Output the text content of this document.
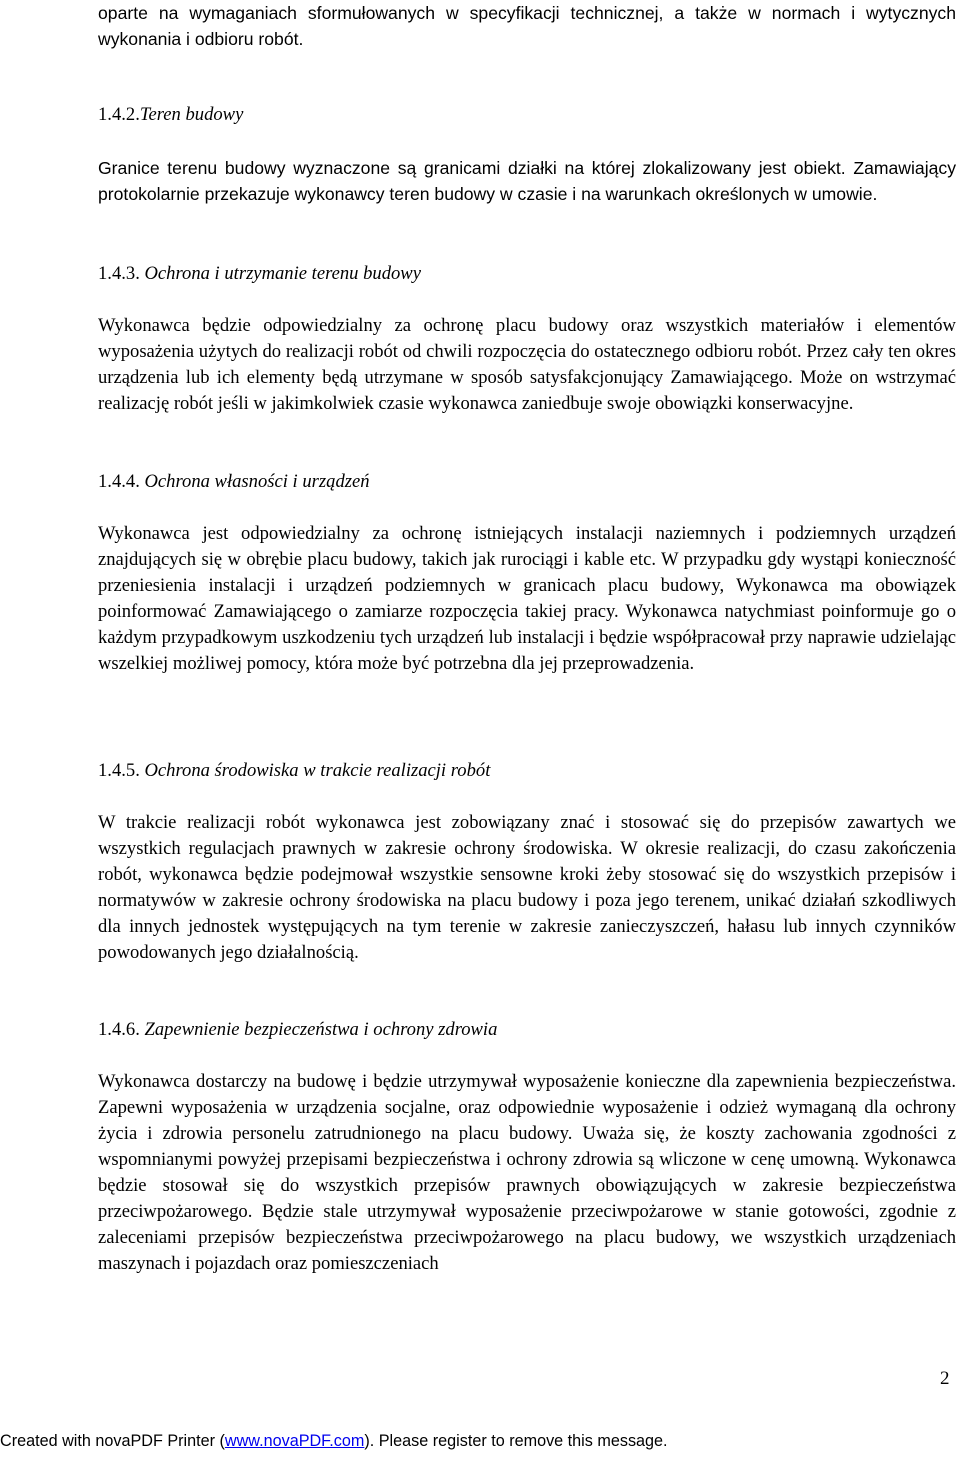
oparte na wymaganiach sformułowanych w specyfikacji technicznej, a także w normach i wytycznych wykonania i odbioru robót.

1.4.2.Teren budowy

Granice terenu budowy wyznaczone są granicami działki na której zlokalizowany jest obiekt. Zamawiający protokolarnie przekazuje wykonawcy teren budowy w czasie i na warunkach określonych w umowie.

1.4.3. Ochrona i utrzymanie terenu budowy

Wykonawca będzie odpowiedzialny za ochronę placu budowy oraz wszystkich materiałów i elementów wyposażenia użytych do realizacji robót od chwili rozpoczęcia do ostatecznego odbioru robót. Przez cały ten okres urządzenia lub ich elementy będą utrzymane w sposób satysfakcjonujący Zamawiającego. Może on wstrzymać realizację robót jeśli w jakimkolwiek czasie wykonawca zaniedbuje swoje obowiązki konserwacyjne.

1.4.4. Ochrona własności i urządzeń

Wykonawca jest odpowiedzialny za ochronę istniejących instalacji naziemnych i podziemnych urządzeń znajdujących się w obrębie placu budowy, takich jak rurociągi i kable etc. W przypadku gdy wystąpi konieczność przeniesienia instalacji i urządzeń podziemnych w granicach placu budowy, Wykonawca ma obowiązek poinformować Zamawiającego o zamiarze rozpoczęcia takiej pracy. Wykonawca natychmiast poinformuje go o każdym przypadkowym uszkodzeniu tych urządzeń lub instalacji i będzie współpracował przy naprawie udzielając wszelkiej możliwej pomocy, która może być potrzebna dla jej przeprowadzenia.

1.4.5. Ochrona środowiska w trakcie realizacji robót

W trakcie realizacji robót wykonawca jest zobowiązany znać i stosować się do przepisów zawartych we wszystkich regulacjach prawnych w zakresie ochrony środowiska. W okresie realizacji, do czasu zakończenia robót, wykonawca będzie podejmował wszystkie sensowne kroki żeby stosować się do wszystkich przepisów i normatywów w zakresie ochrony środowiska na placu budowy i poza jego terenem, unikać działań szkodliwych dla innych jednostek występujących na tym terenie w zakresie zanieczyszczeń, hałasu lub innych czynników powodowanych jego działalnością.

1.4.6. Zapewnienie bezpieczeństwa i ochrony zdrowia

Wykonawca dostarczy na budowę i będzie utrzymywał wyposażenie konieczne dla zapewnienia bezpieczeństwa. Zapewni wyposażenia w urządzenia socjalne, oraz odpowiednie wyposażenie i odzież wymaganą dla ochrony życia i zdrowia personelu zatrudnionego na placu budowy. Uważa się, że koszty zachowania zgodności z wspomnianymi powyżej przepisami bezpieczeństwa i ochrony zdrowia są wliczone w cenę umowną. Wykonawca będzie stosował się do wszystkich przepisów prawnych obowiązujących w zakresie bezpieczeństwa przeciwpożarowego. Będzie stale utrzymywał wyposażenie przeciwpożarowe w stanie gotowości, zgodnie z zaleceniami przepisów bezpieczeństwa przeciwpożarowego na placu budowy, we wszystkich urządzeniach maszynach i pojazdach oraz pomieszczeniach

2
Created with novaPDF Printer (www.novaPDF.com). Please register to remove this message.
